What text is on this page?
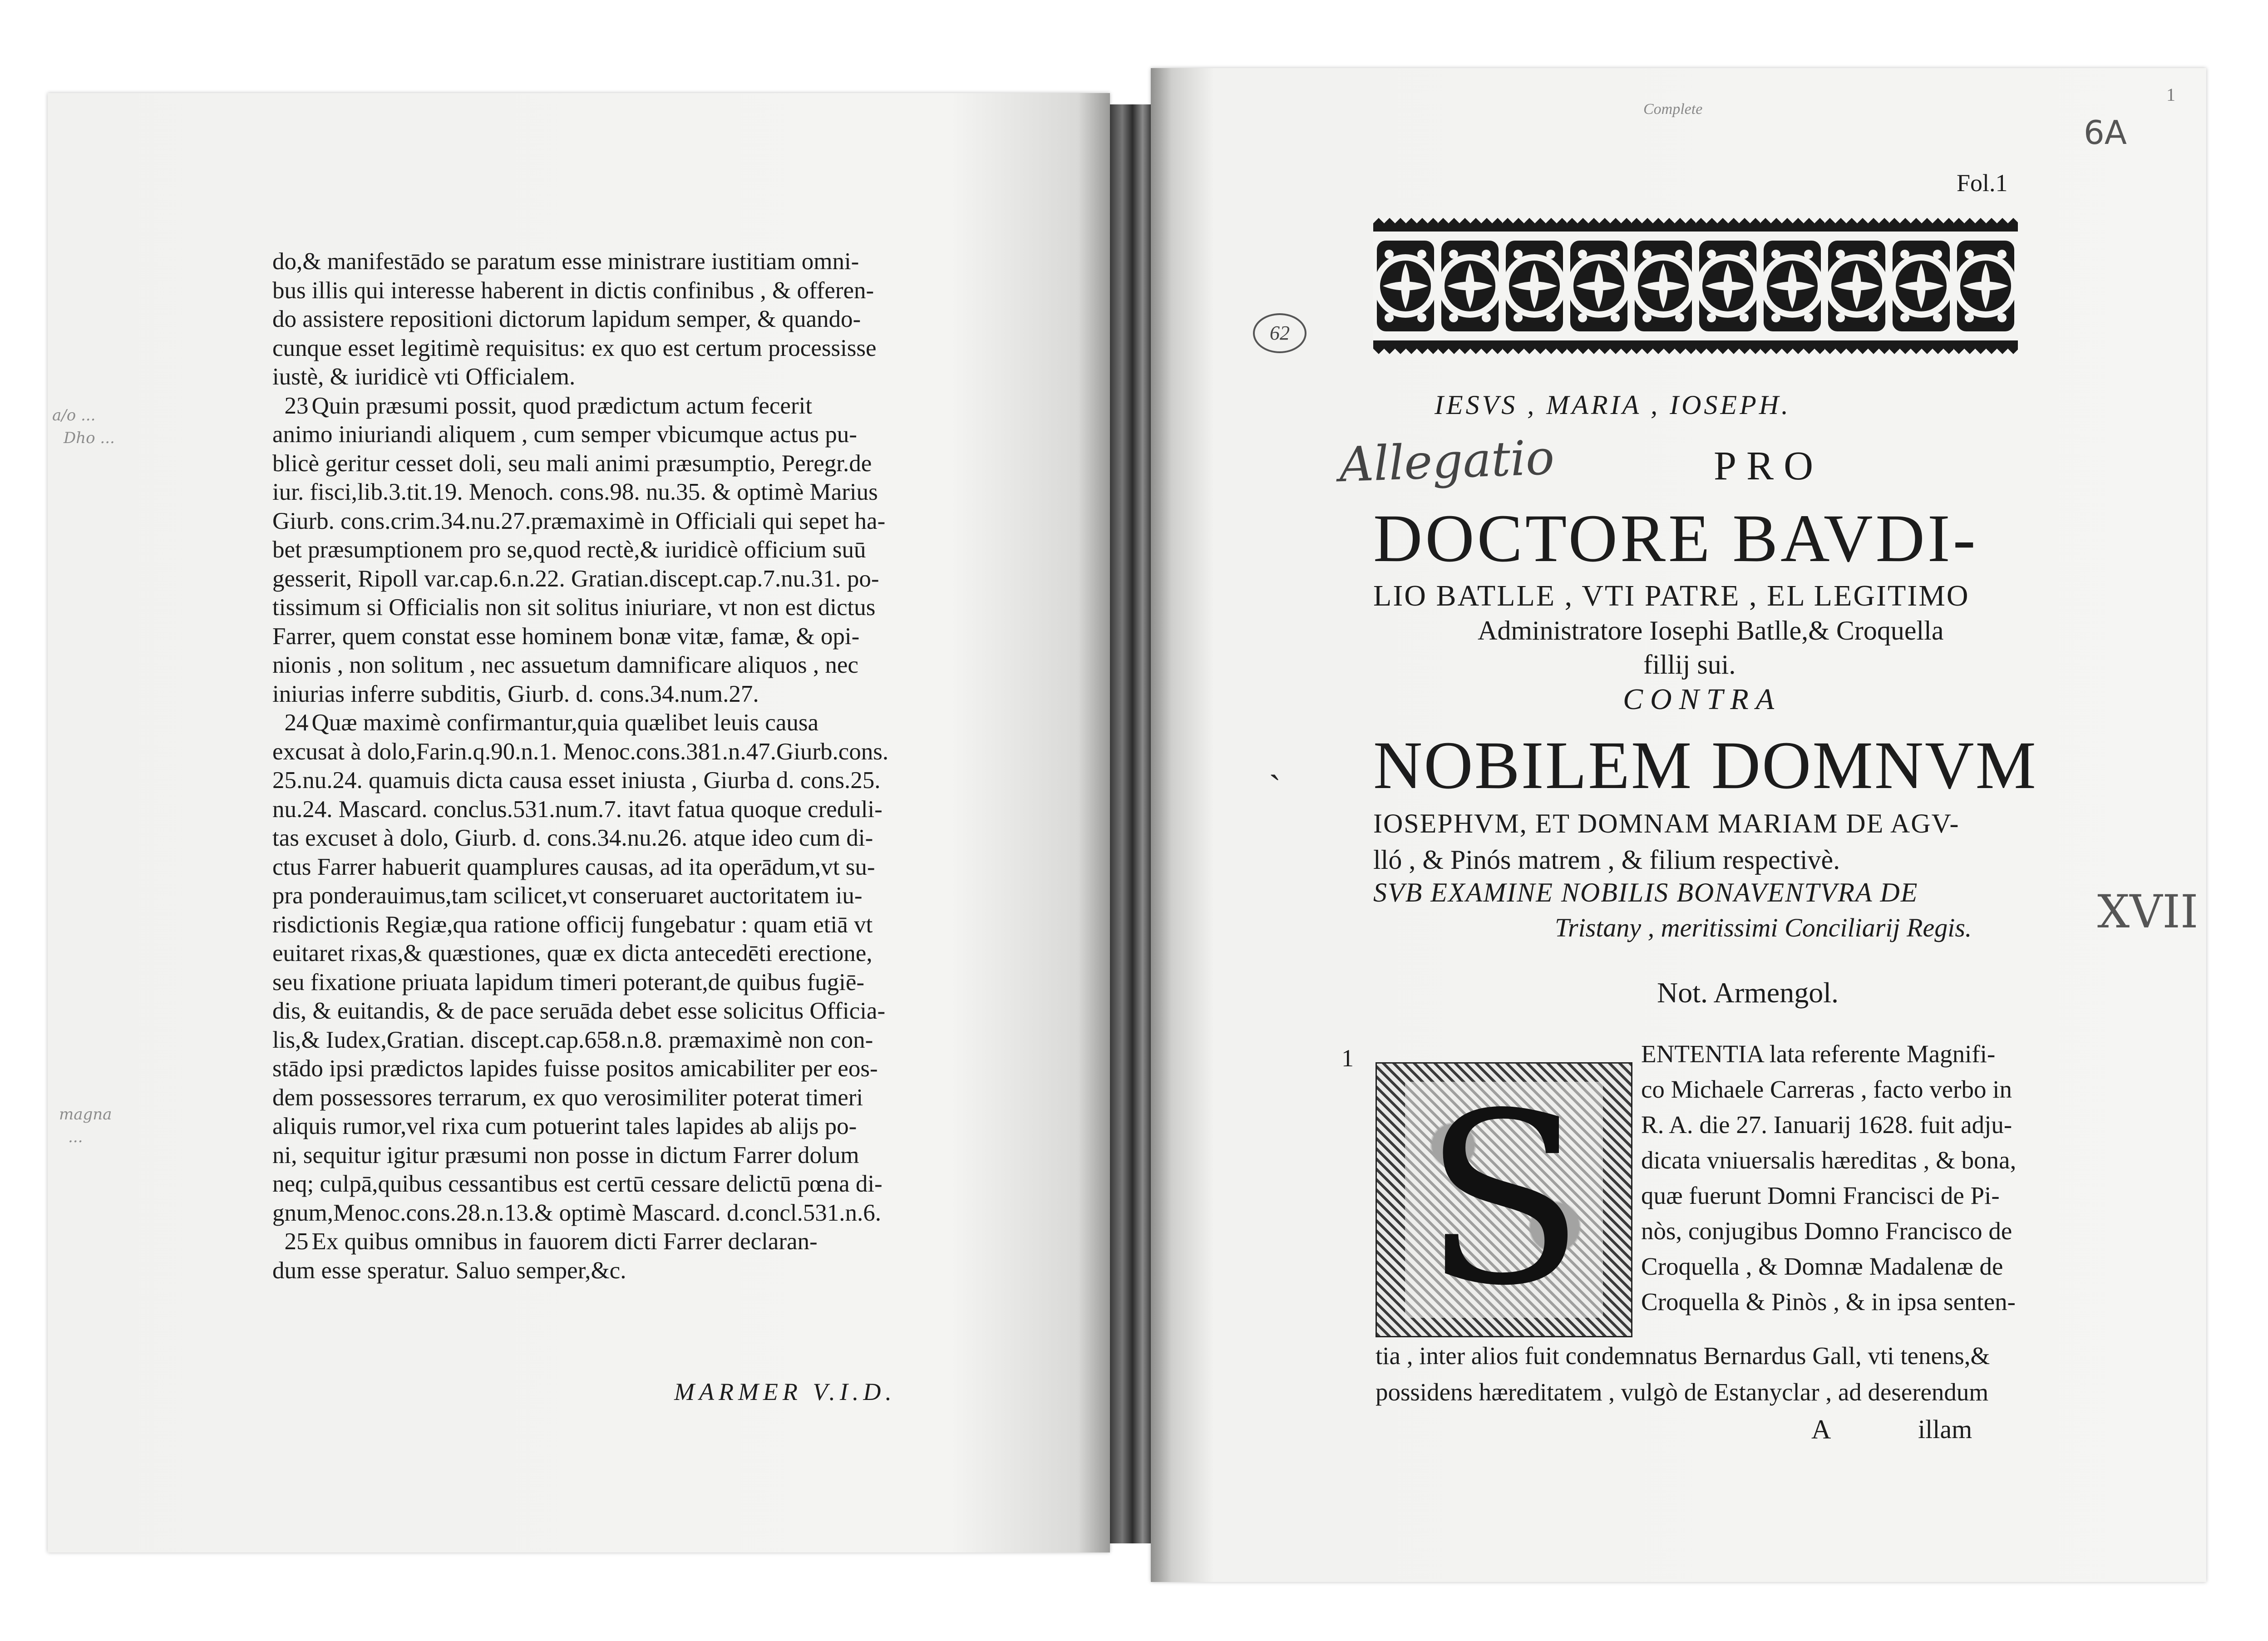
do,& manifestādo se paratum esse ministrare iustitiam omni-
bus illis qui interesse haberent in dictis confinibus , & offeren-
do assistere repositioni dictorum lapidum semper, & quando-
cunque esset legitimè requisitus: ex quo est certum processisse
iustè, & iuridicè vti Officialem.

23 Quin præsumi possit, quod prædictum actum fecerit
animo iniuriandi aliquem , cum semper vbicumque actus pu-
blicè geritur cesset doli, seu mali animi præsumptio, Peregr.de
iur. fisci,lib.3.tit.19. Menoch. cons.98. nu.35. & optimè Marius
Giurb. cons.crim.34.nu.27.præmaximè in Officiali qui sepet ha-
bet præsumptionem pro se,quod rectè,& iuridicè officium suū
gesserit, Ripoll var.cap.6.n.22. Gratian.discept.cap.7.nu.31. po-
tissimum si Officialis non sit solitus iniuriare, vt non est dictus
Farrer, quem constat esse hominem bonæ vitæ, famæ, & opi-
nionis , non solitum , nec assuetum damnificare aliquos , nec
iniurias inferre subditis, Giurb. d. cons.34.num.27.

24 Quæ maximè confirmantur,quia quælibet leuis causa
excusat à dolo,Farin.q.90.n.1. Menoc.cons.381.n.47.Giurb.cons.
25.nu.24. quamuis dicta causa esset iniusta , Giurba d. cons.25.
nu.24. Mascard. conclus.531.num.7. itavt fatua quoque creduli-
tas excuset à dolo, Giurb. d. cons.34.nu.26. atque ideo cum di-
ctus Farrer habuerit quamplures causas, ad ita operādum,vt su-
pra ponderauimus,tam scilicet,vt conseruaret auctoritatem iu-
risdictionis Regiæ,qua ratione officij fungebatur : quam etiā vt
euitaret rixas,& quæstiones, quæ ex dicta antecedēti erectione,
seu fixatione priuata lapidum timeri poterant,de quibus fugiē-
dis, & euitandis, & de pace seruāda debet esse solicitus Officia-
lis,& Iudex,Gratian. discept.cap.658.n.8. præmaximè non con-
stādo ipsi prædictos lapides fuisse positos amicabiliter per eos-
dem possessores terrarum, ex quo verosimiliter poterat timeri
aliquis rumor,vel rixa cum potuerint tales lapides ab alijs po-
ni, sequitur igitur præsumi non posse in dictum Farrer dolum
neq; culpā,quibus cessantibus est certū cessare delictū pœna di-
gnum,Menoc.cons.28.n.13.& optimè Mascard. d.concl.531.n.6.

25 Ex quibus omnibus in fauorem dicti Farrer declaran-
dum esse speratur. Saluo semper,&c.

MARMER V.I.D.
a/o ...
Dho ...
magna
...
Complete
6A
1
Fol.1
62
IESVS , MARIA , IOSEPH.
Allegatio	PRO
DOCTORE BAVDI-
LIO BATLLE , VTI PATRE , EL LEGITIMO
Administratore Iosephi Batlle,& Croquella
fillij sui.
CONTRA
ˎ NOBILEM DOMNVM
IOSEPHVM, ET DOMNAM MARIAM DE AGV-
lló , & Pinós matrem , & filium respectivè.
SVB EXAMINE NOBILIS BONAVENTVRA DE
Tristany , meritissimi Conciliarij Regis.	XVII
Not. Armengol.
1
S
ENTENTIA lata referente Magnifi-
co Michaele Carreras , facto verbo in
R. A. die 27. Ianuarij 1628. fuit adju-
dicata vniuersalis hæreditas , & bona,
quæ fuerunt Domni Francisci de Pi-
nòs, conjugibus Domno Francisco de
Croquella , & Domnæ Madalenæ de
Croquella & Pinòs , & in ipsa senten-
tia , inter alios fuit condemnatus Bernardus Gall, vti tenens,&
possidens hæreditatem , vulgò de Estanyclar , ad deserendum
A	illam
